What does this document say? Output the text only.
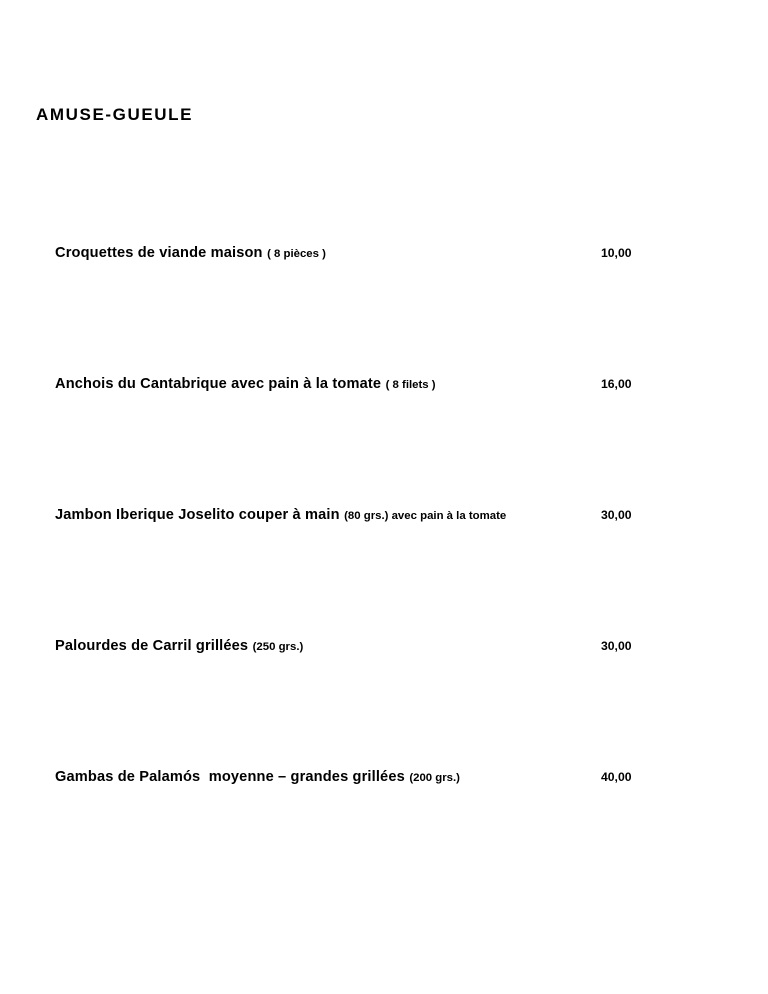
AMUSE-GUEULE
Croquettes de viande maison ( 8 pièces )	10,00
Anchois du Cantabrique avec pain à la tomate ( 8 filets )	16,00
Jambon Iberique Joselito couper à main (80 grs.) avec pain à la tomate	30,00
Palourdes de Carril grillées (250 grs.)	30,00
Gambas de Palamós  moyenne – grandes grillées (200 grs.)	40,00
